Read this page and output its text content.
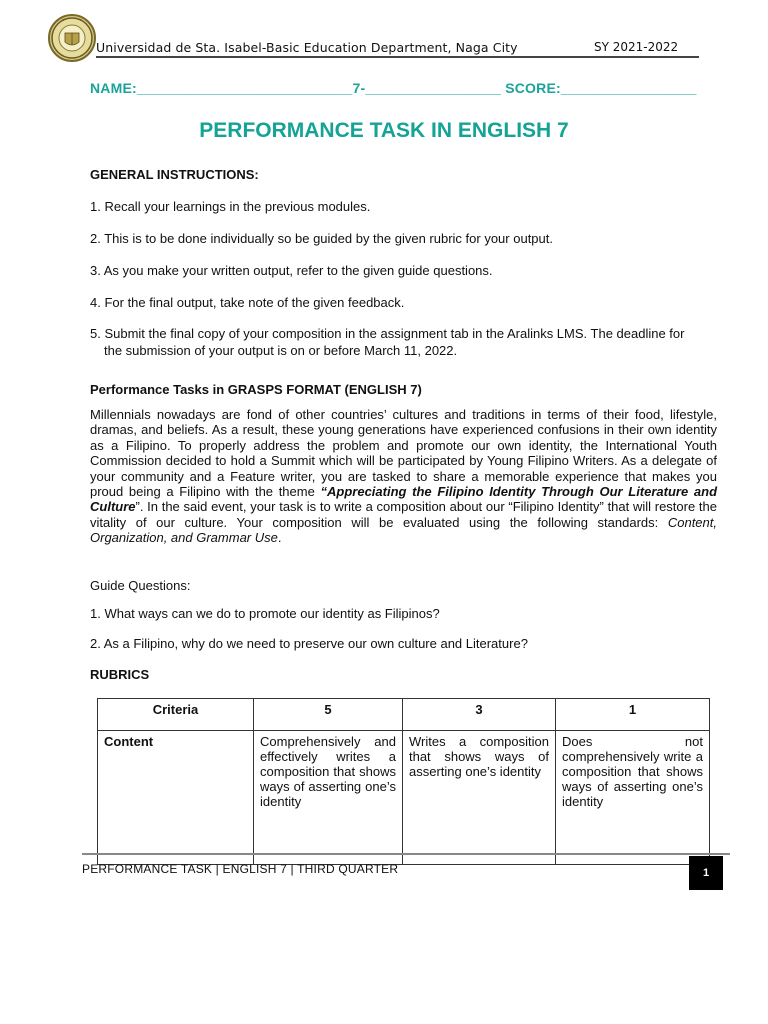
Universidad de Sta. Isabel-Basic Education Department, Naga City	SY 2021-2022
NAME:___________________________7-_________________ SCORE:_________________
PERFORMANCE TASK IN ENGLISH 7
GENERAL INSTRUCTIONS:
1. Recall your learnings in the previous modules.
2. This is to be done individually so be guided by the given rubric for your output.
3. As you make your written output, refer to the given guide questions.
4. For the final output, take note of the given feedback.
5. Submit the final copy of your composition in the assignment tab in the Aralinks LMS. The deadline for
the submission of your output is on or before March 11, 2022.
Performance Tasks in GRASPS FORMAT (ENGLISH 7)
Millennials nowadays are fond of other countries’ cultures and traditions in terms of their food, lifestyle, dramas, and beliefs. As a result, these young generations have experienced confusions in their own identity as a Filipino. To properly address the problem and promote our own identity, the International Youth Commission decided to hold a Summit which will be participated by Young Filipino Writers. As a delegate of your community and a Feature writer, you are tasked to share a memorable experience that makes you proud being a Filipino with the theme “Appreciating the Filipino Identity Through Our Literature and Culture”. In the said event, your task is to write a composition about our “Filipino Identity” that will restore the vitality of our culture. Your composition will be evaluated using the following standards: Content, Organization, and Grammar Use.
Guide Questions:
1. What ways can we do to promote our identity as Filipinos?
2. As a Filipino, why do we need to preserve our own culture and Literature?
RUBRICS
Criteria	5	3	1
Content	Comprehensively and effectively writes a composition that shows ways of asserting one’s identity	Writes a composition that shows ways of asserting one’s identity	Does not comprehensively write a composition that shows ways of asserting one’s identity
PERFORMANCE TASK | ENGLISH 7 | THIRD QUARTER	1
